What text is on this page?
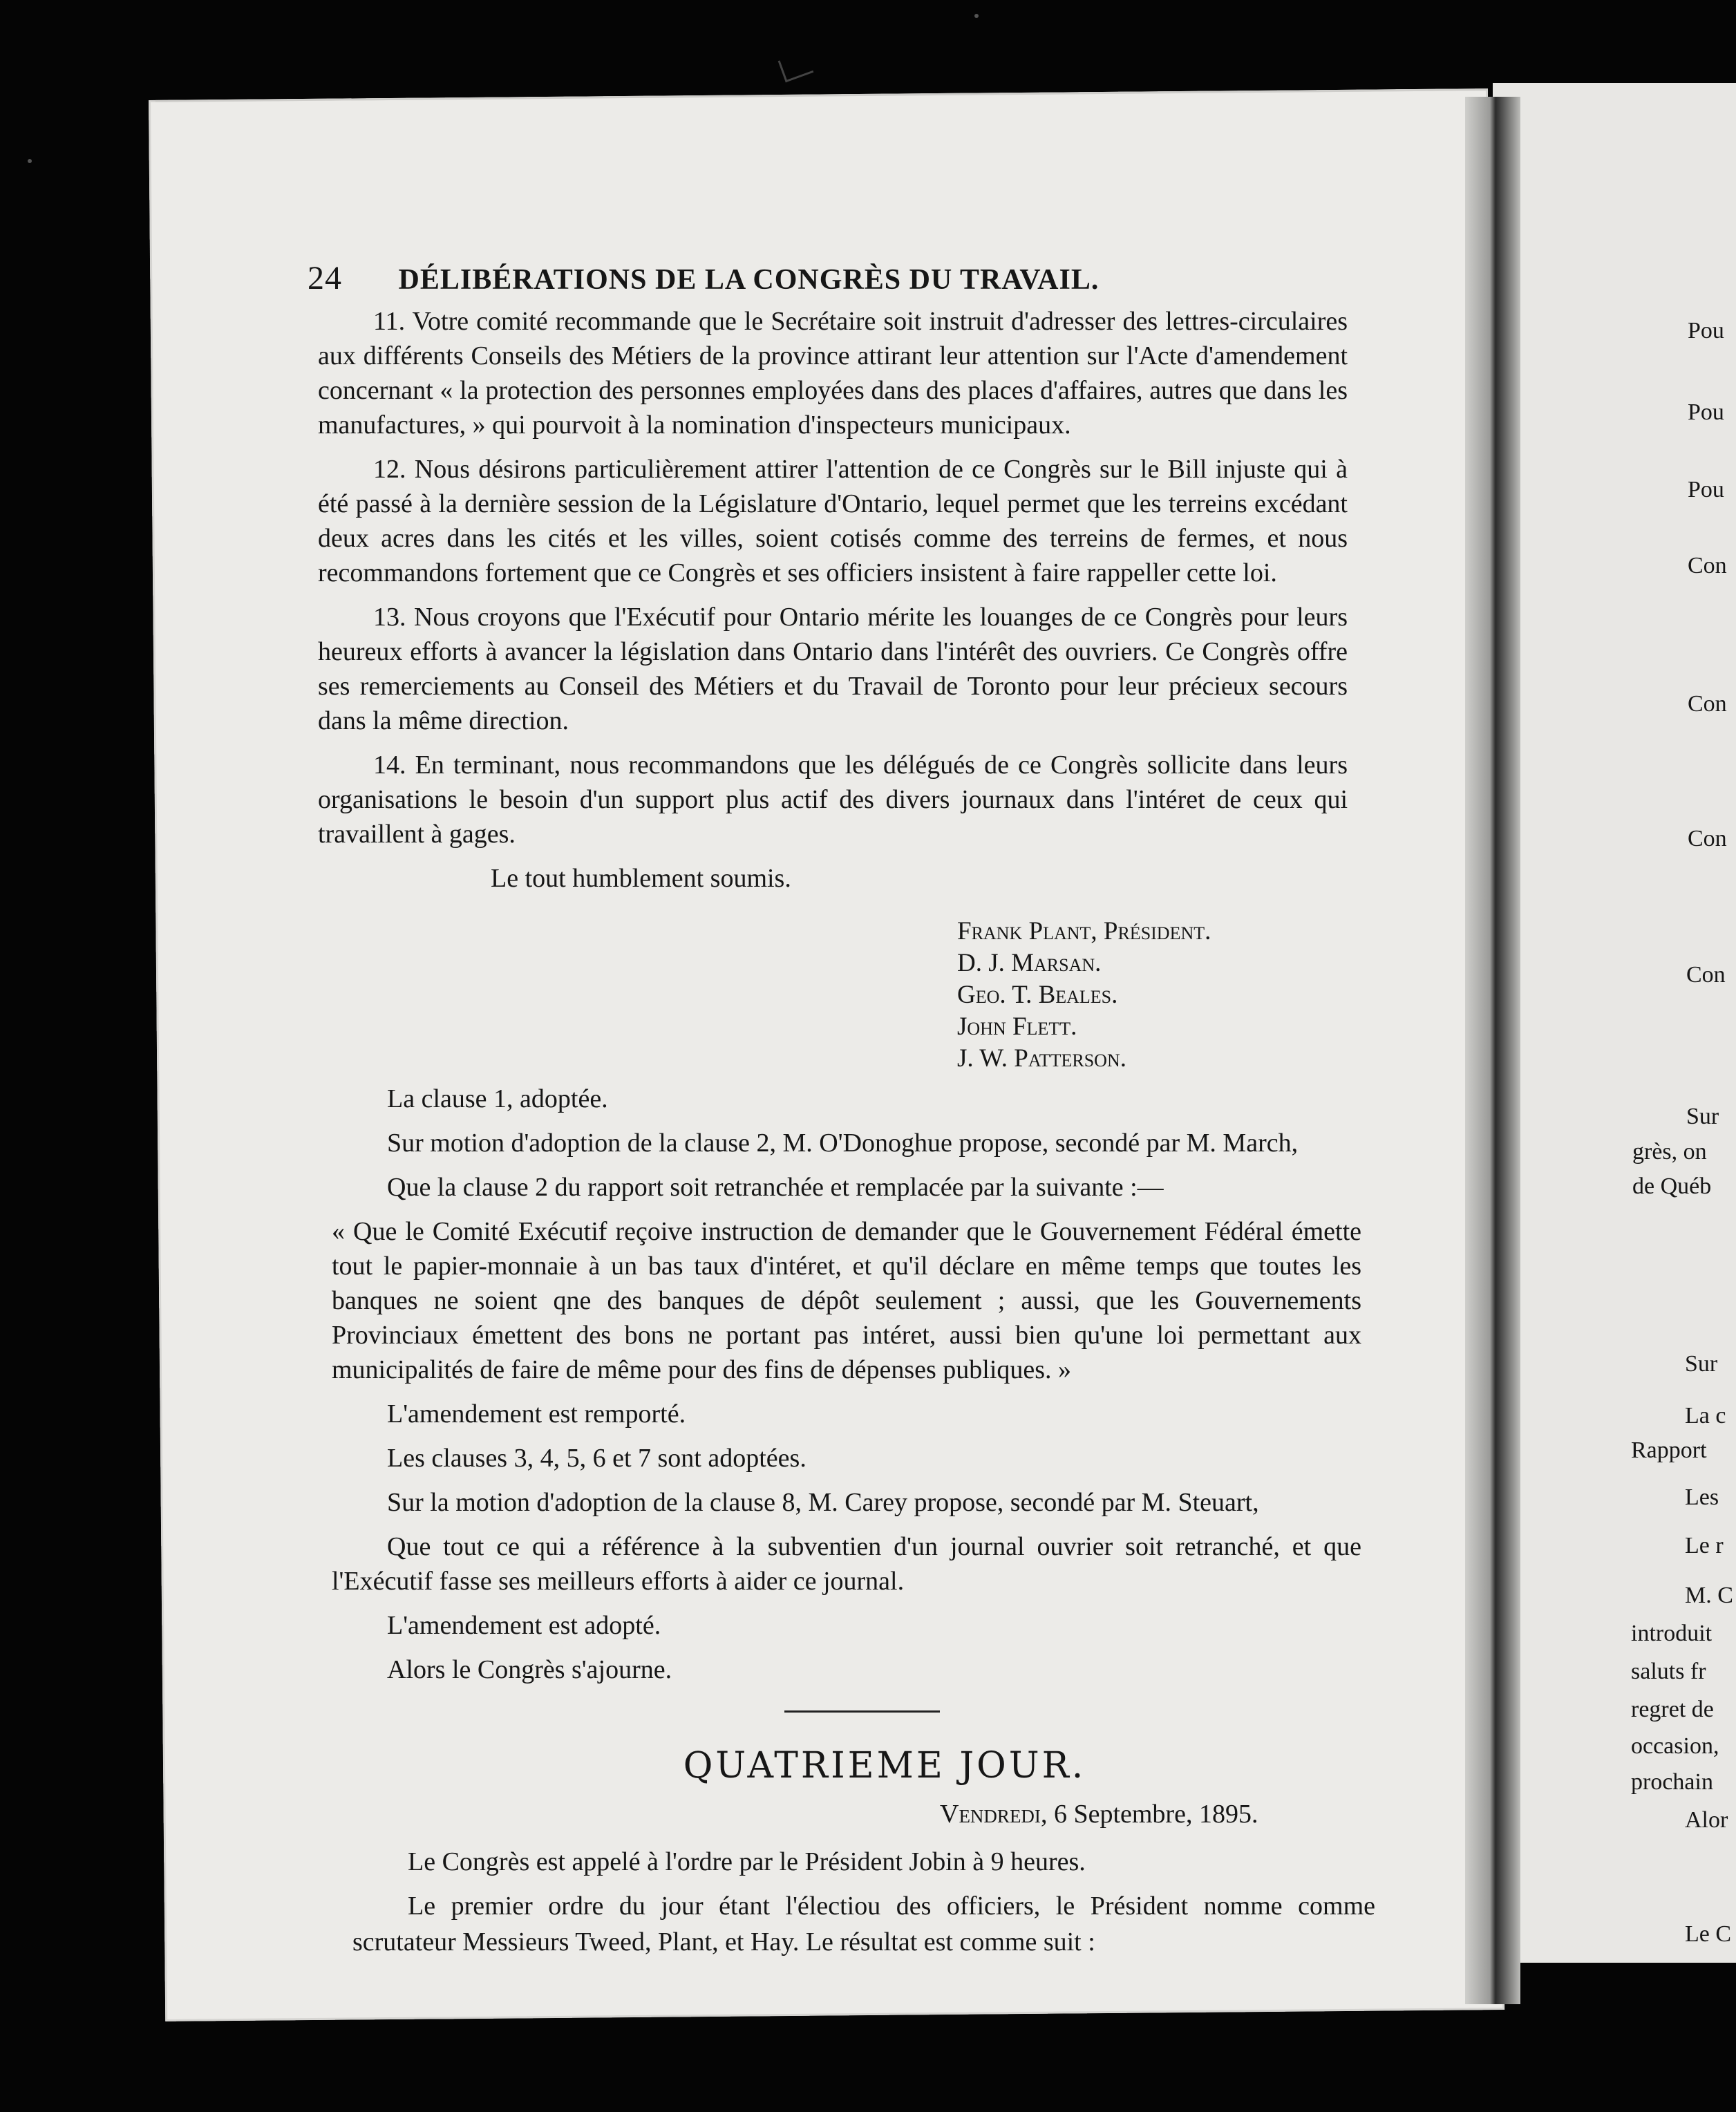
24 DÉLIBÉRATIONS DE LA CONGRÈS DU TRAVAIL.

11. Votre comité recommande que le Secrétaire soit instruit d'adresser des lettres-circulaires aux différents Conseils des Métiers de la province attirant leur attention sur l'Acte d'amendement concernant « la protection des personnes employées dans des places d'affaires, autres que dans les manufactures, » qui pourvoit à la nomination d'inspecteurs municipaux.

12. Nous désirons particulièrement attirer l'attention de ce Congrès sur le Bill injuste qui à été passé à la dernière session de la Législature d'Ontario, lequel permet que les terreins excédant deux acres dans les cités et les villes, soient cotisés comme des terreins de fermes, et nous recommandons fortement que ce Congrès et ses officiers insistent à faire rappeller cette loi.

13. Nous croyons que l'Exécutif pour Ontario mérite les louanges de ce Congrès pour leurs heureux efforts à avancer la législation dans Ontario dans l'intérêt des ouvriers. Ce Congrès offre ses remerciements au Conseil des Métiers et du Travail de Toronto pour leur précieux secours dans la même direction.

14. En terminant, nous recommandons que les délégués de ce Congrès sollicite dans leurs organisations le besoin d'un support plus actif des divers journaux dans l'intéret de ceux qui travaillent à gages.

Le tout humblement soumis.

Frank Plant, Président.
D. J. Marsan.
Geo. T. Beales.
John Flett.
J. W. Patterson.

La clause 1, adoptée.

Sur motion d'adoption de la clause 2, M. O'Donoghue propose, secondé par M. March,

Que la clause 2 du rapport soit retranchée et remplacée par la suivante :—

« Que le Comité Exécutif reçoive instruction de demander que le Gouvernement Fédéral émette tout le papier-monnaie à un bas taux d'intéret, et qu'il déclare en même temps que toutes les banques ne soient qne des banques de dépôt seulement ; aussi, que les Gouvernements Provinciaux émettent des bons ne portant pas intéret, aussi bien qu'une loi permettant aux municipalités de faire de même pour des fins de dépenses publiques. »

L'amendement est remporté.

Les clauses 3, 4, 5, 6 et 7 sont adoptées.

Sur la motion d'adoption de la clause 8, M. Carey propose, secondé par M. Steuart,

Que tout ce qui a référence à la subventien d'un journal ouvrier soit retranché, et que l'Exécutif fasse ses meilleurs efforts à aider ce journal.

L'amendement est adopté.

Alors le Congrès s'ajourne.

QUATRIEME JOUR.
Vendredi, 6 Septembre, 1895.

Le Congrès est appelé à l'ordre par le Président Jobin à 9 heures.

Le premier ordre du jour étant l'électiou des officiers, le Président nomme comme scrutateur Messieurs Tweed, Plant, et Hay. Le résultat est comme suit :

Pou
Pou
Pou
Con
Con
Con
Con
Sur
grès, on
de Québ
Sur
La c
Rapport
Les
Le r
M. C
introduit
saluts fr
regret de
occasion,
prochain
Alor
Le C
